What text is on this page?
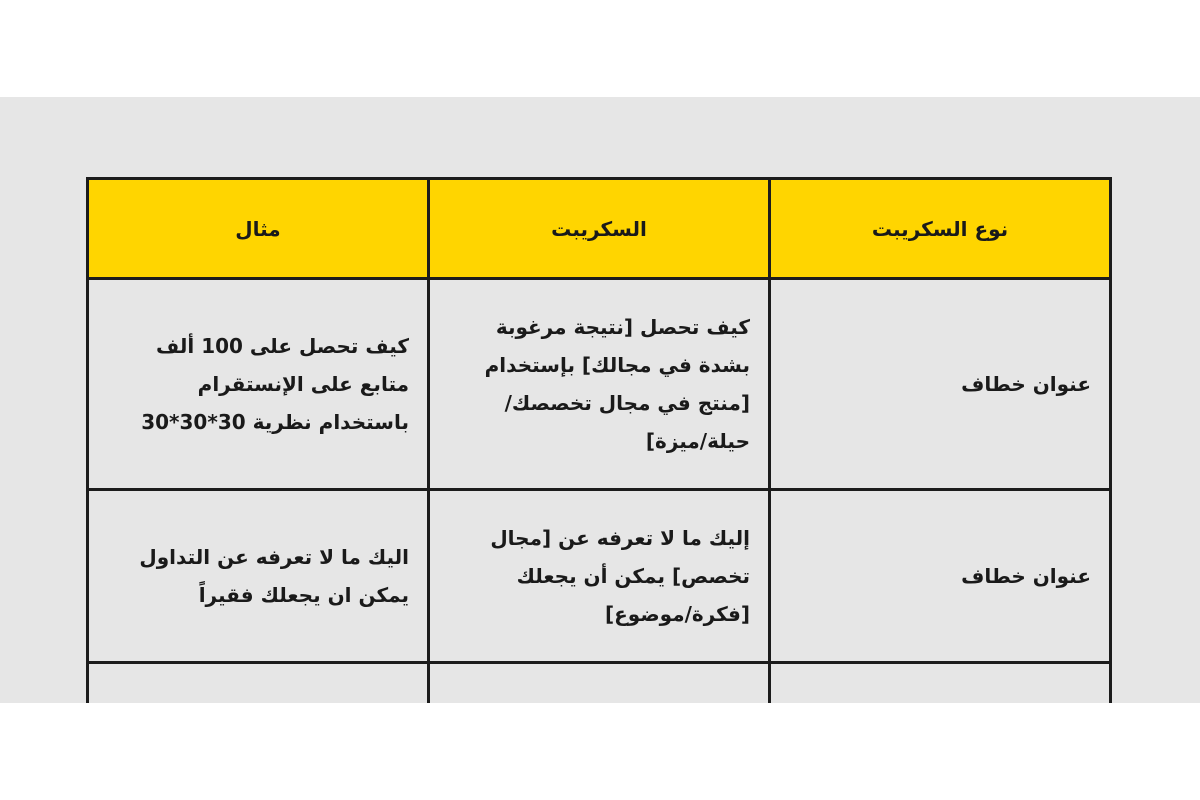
نوع السكريبت	السكريبت	مثال
عنوان خطاف	كيف تحصل [نتيجة مرغوبة بشدة في مجالك] بإستخدام [منتج في مجال تخصصك/ حيلة/ميزة]	كيف تحصل على 100 ألف متابع على الإنستقرام باستخدام نظرية 30*30*30
عنوان خطاف	إليك ما لا تعرفه عن [مجال تخصص] يمكن أن يجعلك [فكرة/موضوع]	اليك ما لا تعرفه عن التداول يمكن ان يجعلك فقيراً
